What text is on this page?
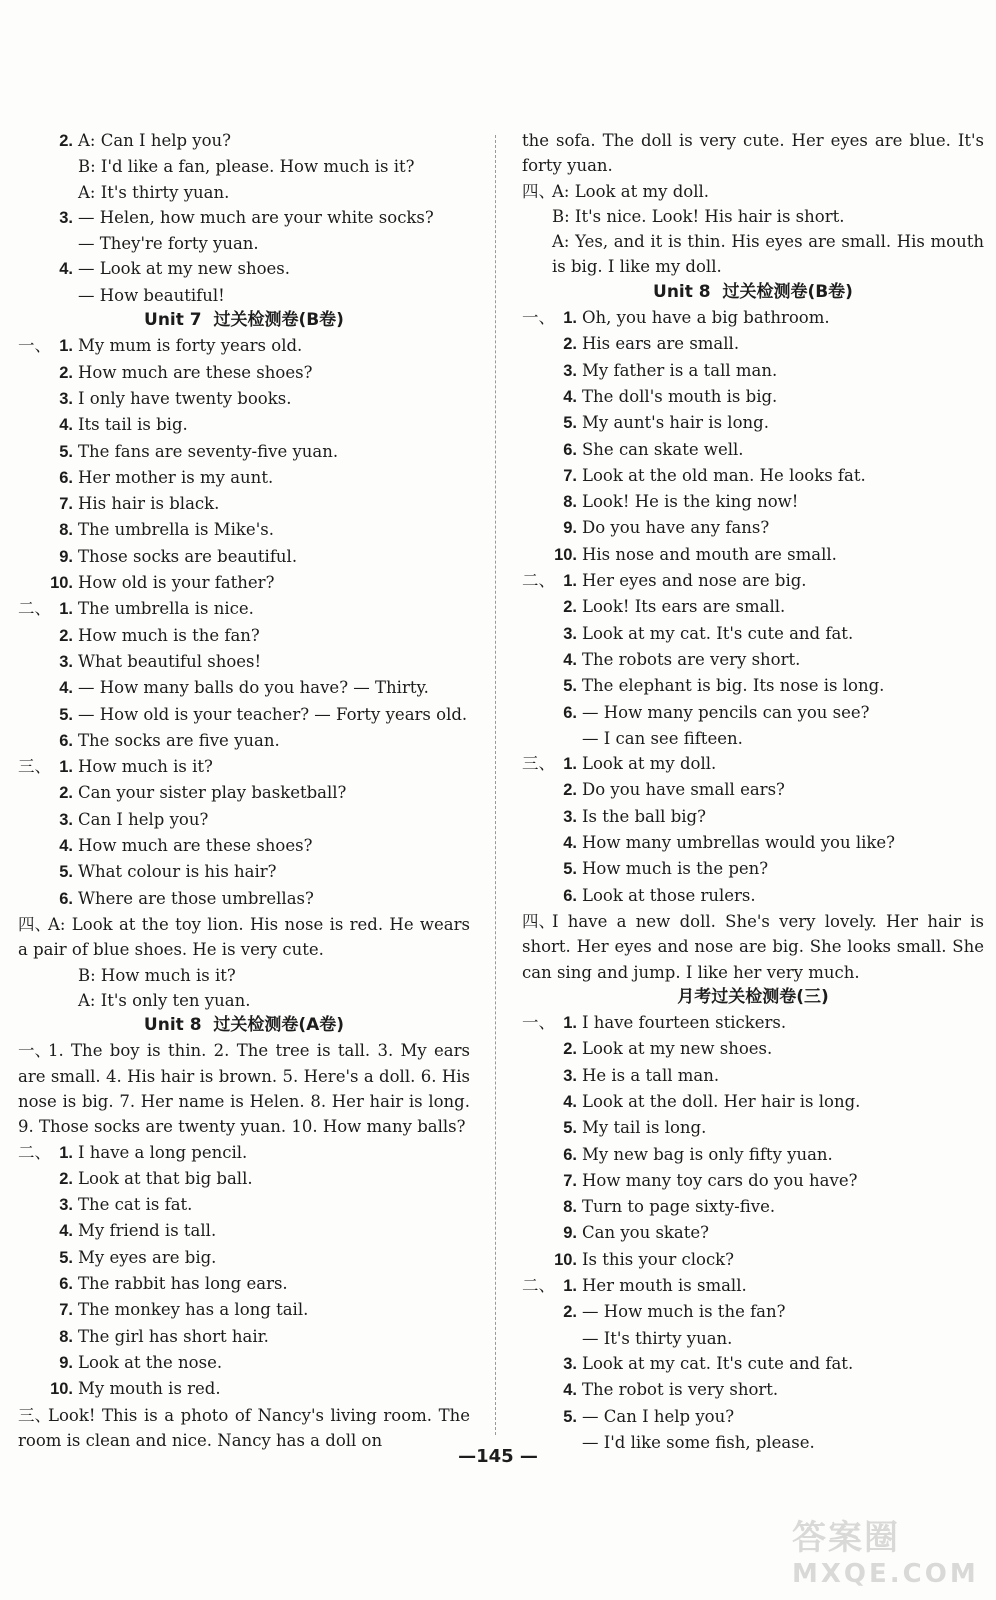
2. A: Can I help you?
B: I'd like a fan, please. How much is it?
A: It's thirty yuan.
3. — Helen, how much are your white socks?
— They're forty yuan.
4. — Look at my new shoes.
— How beautiful!
Unit 7  过关检测卷(B卷)
一、 1. My mum is forty years old.
2. How much are these shoes?
3. I only have twenty books.
4. Its tail is big.
5. The fans are seventy-five yuan.
6. Her mother is my aunt.
7. His hair is black.
8. The umbrella is Mike's.
9. Those socks are beautiful.
10. How old is your father?
二、 1. The umbrella is nice.
2. How much is the fan?
3. What beautiful shoes!
4. — How many balls do you have? — Thirty.
5. — How old is your teacher? — Forty years old.
6. The socks are five yuan.
三、 1. How much is it?
2. Can your sister play basketball?
3. Can I help you?
4. How much are these shoes?
5. What colour is his hair?
6. Where are those umbrellas?
四、A: Look at the toy lion. His nose is red. He wears a pair of blue shoes. He is very cute.
B: How much is it?
A: It's only ten yuan.
Unit 8  过关检测卷(A卷)
一、1. The boy is thin. 2. The tree is tall. 3. My ears are small. 4. His hair is brown. 5. Here's a doll. 6. His nose is big. 7. Her name is Helen. 8. Her hair is long. 9. Those socks are twenty yuan. 10. How many balls?
二、 1. I have a long pencil.
2. Look at that big ball.
3. The cat is fat.
4. My friend is tall.
5. My eyes are big.
6. The rabbit has long ears.
7. The monkey has a long tail.
8. The girl has short hair.
9. Look at the nose.
10. My mouth is red.
三、Look! This is a photo of Nancy's living room. The room is clean and nice. Nancy has a doll on
the sofa. The doll is very cute. Her eyes are blue. It's forty yuan.
四、A: Look at my doll.
B: It's nice. Look! His hair is short.
A: Yes, and it is thin. His eyes are small. His mouth is big. I like my doll.
Unit 8  过关检测卷(B卷)
一、 1. Oh, you have a big bathroom.
2. His ears are small.
3. My father is a tall man.
4. The doll's mouth is big.
5. My aunt's hair is long.
6. She can skate well.
7. Look at the old man. He looks fat.
8. Look! He is the king now!
9. Do you have any fans?
10. His nose and mouth are small.
二、 1. Her eyes and nose are big.
2. Look! Its ears are small.
3. Look at my cat. It's cute and fat.
4. The robots are very short.
5. The elephant is big. Its nose is long.
6. — How many pencils can you see?
— I can see fifteen.
三、 1. Look at my doll.
2. Do you have small ears?
3. Is the ball big?
4. How many umbrellas would you like?
5. How much is the pen?
6. Look at those rulers.
四、I have a new doll. She's very lovely. Her hair is short. Her eyes and nose are big. She looks small. She can sing and jump. I like her very much.
月考过关检测卷(三)
一、 1. I have fourteen stickers.
2. Look at my new shoes.
3. He is a tall man.
4. Look at the doll. Her hair is long.
5. My tail is long.
6. My new bag is only fifty yuan.
7. How many toy cars do you have?
8. Turn to page sixty-five.
9. Can you skate?
10. Is this your clock?
二、 1. Her mouth is small.
2. — How much is the fan?
— It's thirty yuan.
3. Look at my cat. It's cute and fat.
4. The robot is very short.
5. — Can I help you?
— I'd like some fish, please.
—145 —
答案圈
MXQE.COM
